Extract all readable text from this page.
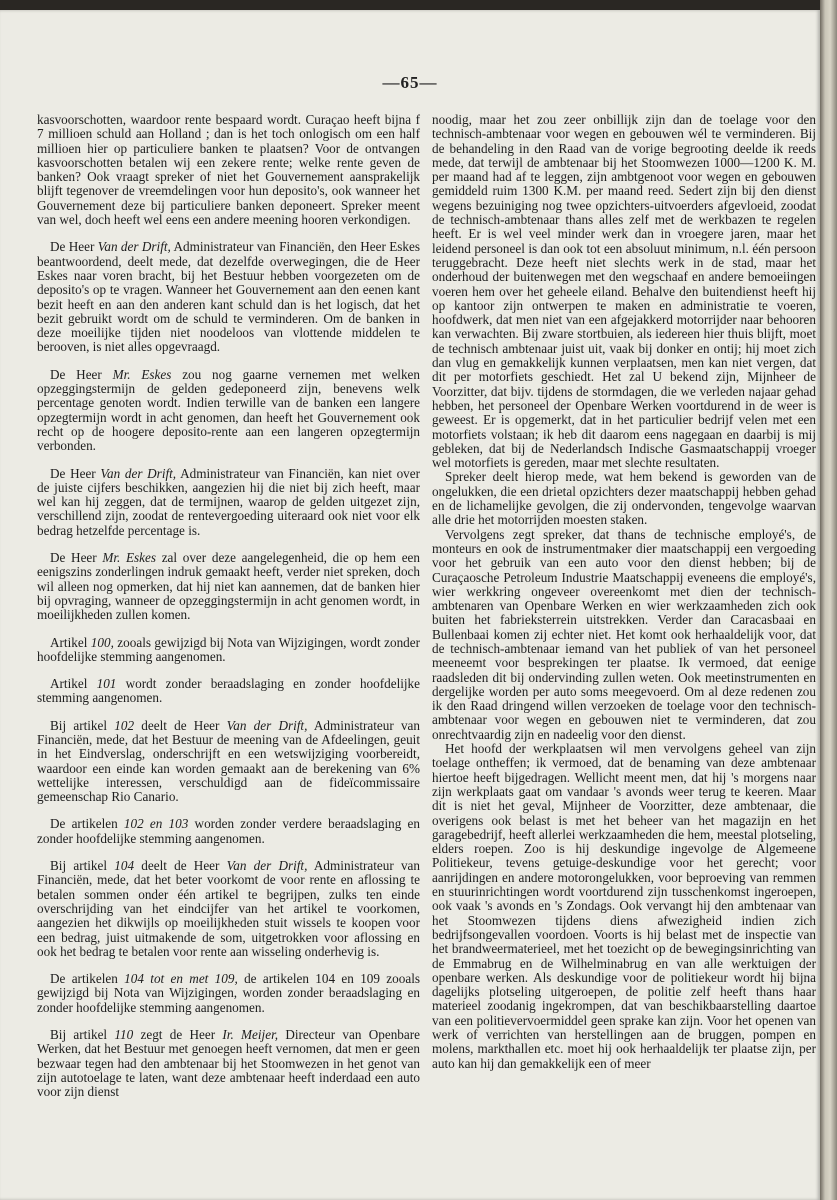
—65—

kasvoorschotten, waardoor rente bespaard wordt. Curaçao heeft bijna f 7 millioen schuld aan Holland ; dan is het toch onlogisch om een half millioen hier op particuliere banken te plaatsen? Voor de ontvangen kasvoorschotten betalen wij een zekere rente; welke rente geven de banken? Ook vraagt spreker of niet het Gouvernement aansprakelijk blijft tegenover de vreemdelingen voor hun deposito's, ook wanneer het Gouvernement deze bij particuliere banken deponeert. Spreker meent van wel, doch heeft wel eens een andere meening hooren verkondigen.

De Heer Van der Drift, Administrateur van Financiën, den Heer Eskes beantwoordend, deelt mede, dat dezelfde overwegingen, die de Heer Eskes naar voren bracht, bij het Bestuur hebben voorgezeten om de deposito's op te vragen. Wanneer het Gouvernement aan den eenen kant bezit heeft en aan den anderen kant schuld dan is het logisch, dat het bezit gebruikt wordt om de schuld te verminderen. Om de banken in deze moeilijke tijden niet noodeloos van vlottende middelen te berooven, is niet alles opgevraagd.

De Heer Mr. Eskes zou nog gaarne vernemen met welken opzeggingstermijn de gelden gedeponeerd zijn, benevens welk percentage genoten wordt. Indien terwille van de banken een langere opzegtermijn wordt in acht genomen, dan heeft het Gouvernement ook recht op de hoogere deposito-rente aan een langeren opzegtermijn verbonden.

De Heer Van der Drift, Administrateur van Financiën, kan niet over de juiste cijfers beschikken, aangezien hij die niet bij zich heeft, maar wel kan hij zeggen, dat de termijnen, waarop de gelden uitgezet zijn, verschillend zijn, zoodat de rentevergoeding uiteraard ook niet voor elk bedrag hetzelfde percentage is.

De Heer Mr. Eskes zal over deze aangelegenheid, die op hem een eenigszins zonderlingen indruk gemaakt heeft, verder niet spreken, doch wil alleen nog opmerken, dat hij niet kan aannemen, dat de banken hier bij opvraging, wanneer de opzeggingstermijn in acht genomen wordt, in moeilijkheden zullen komen.

Artikel 100, zooals gewijzigd bij Nota van Wijzigingen, wordt zonder hoofdelijke stemming aangenomen.

Artikel 101 wordt zonder beraadslaging en zonder hoofdelijke stemming aangenomen.

Bij artikel 102 deelt de Heer Van der Drift, Administrateur van Financiën, mede, dat het Bestuur de meening van de Afdeelingen, geuit in het Eindverslag, onderschrijft en een wetswijziging voorbereidt, waardoor een einde kan worden gemaakt aan de berekening van 6% wettelijke interessen, verschuldigd aan de fideïcommissaire gemeenschap Rio Canario.

De artikelen 102 en 103 worden zonder verdere beraadslaging en zonder hoofdelijke stemming aangenomen.

Bij artikel 104 deelt de Heer Van der Drift, Administrateur van Financiën, mede, dat het beter voorkomt de voor rente en aflossing te betalen sommen onder één artikel te begrijpen, zulks ten einde overschrijding van het eindcijfer van het artikel te voorkomen, aangezien het dikwijls op moeilijkheden stuit wissels te koopen voor een bedrag, juist uitmakende de som, uitgetrokken voor aflossing en ook het bedrag te betalen voor rente aan wisseling onderhevig is.

De artikelen 104 tot en met 109, de artikelen 104 en 109 zooals gewijzigd bij Nota van Wijzigingen, worden zonder beraadslaging en zonder hoofdelijke stemming aangenomen.

Bij artikel 110 zegt de Heer Ir. Meijer, Directeur van Openbare Werken, dat het Bestuur met genoegen heeft vernomen, dat men er geen bezwaar tegen had den ambtenaar bij het Stoomwezen in het genot van zijn autotoelage te laten, want deze ambtenaar heeft inderdaad een auto voor zijn dienst

noodig, maar het zou zeer onbillijk zijn dan de toelage voor den technisch-ambtenaar voor wegen en gebouwen wél te verminderen. Bij de behandeling in den Raad van de vorige begrooting deelde ik reeds mede, dat terwijl de ambtenaar bij het Stoomwezen 1000—1200 K. M. per maand had af te leggen, zijn ambtgenoot voor wegen en gebouwen gemiddeld ruim 1300 K.M. per maand reed. Sedert zijn bij den dienst wegens bezuiniging nog twee opzichters-uitvoerders afgevloeid, zoodat de technisch-ambtenaar thans alles zelf met de werkbazen te regelen heeft. Er is wel veel minder werk dan in vroegere jaren, maar het leidend personeel is dan ook tot een absoluut minimum, n.l. één persoon teruggebracht. Deze heeft niet slechts werk in de stad, maar het onderhoud der buitenwegen met den wegschaaf en andere bemoeiingen voeren hem over het geheele eiland. Behalve den buitendienst heeft hij op kantoor zijn ontwerpen te maken en administratie te voeren, hoofdwerk, dat men niet van een afgejakkerd motorrijder naar behooren kan verwachten. Bij zware stortbuien, als iedereen hier thuis blijft, moet de technisch ambtenaar juist uit, vaak bij donker en ontij; hij moet zich dan vlug en gemakkelijk kunnen verplaatsen, men kan niet vergen, dat dit per motorfiets geschiedt. Het zal U bekend zijn, Mijnheer de Voorzitter, dat bijv. tijdens de stormdagen, die we verleden najaar gehad hebben, het personeel der Openbare Werken voortdurend in de weer is geweest. Er is opgemerkt, dat in het particulier bedrijf velen met een motorfiets volstaan; ik heb dit daarom eens nagegaan en daarbij is mij gebleken, dat bij de Nederlandsch Indische Gasmaatschappij vroeger wel motorfiets is gereden, maar met slechte resultaten.

Spreker deelt hierop mede, wat hem bekend is geworden van de ongelukken, die een drietal opzichters dezer maatschappij hebben gehad en de lichamelijke gevolgen, die zij ondervonden, tengevolge waarvan alle drie het motorrijden moesten staken.

Vervolgens zegt spreker, dat thans de technische employé's, de monteurs en ook de instrumentmaker dier maatschappij een vergoeding voor het gebruik van een auto voor den dienst hebben; bij de Curaçaosche Petroleum Industrie Maatschappij eveneens die employé's, wier werkkring ongeveer overeenkomt met dien der technisch-ambtenaren van Openbare Werken en wier werkzaamheden zich ook buiten het fabrieksterrein uitstrekken. Verder dan Caracasbaai en Bullenbaai komen zij echter niet. Het komt ook herhaaldelijk voor, dat de technisch-ambtenaar iemand van het publiek of van het personeel meeneemt voor besprekingen ter plaatse. Ik vermoed, dat eenige raadsleden dit bij ondervinding zullen weten. Ook meetinstrumenten en dergelijke worden per auto soms meegevoerd. Om al deze redenen zou ik den Raad dringend willen verzoeken de toelage voor den technisch-ambtenaar voor wegen en gebouwen niet te verminderen, dat zou onrechtvaardig zijn en nadeelig voor den dienst.

Het hoofd der werkplaatsen wil men vervolgens geheel van zijn toelage ontheffen; ik vermoed, dat de benaming van deze ambtenaar hiertoe heeft bijgedragen. Wellicht meent men, dat hij 's morgens naar zijn werkplaats gaat om vandaar 's avonds weer terug te keeren. Maar dit is niet het geval, Mijnheer de Voorzitter, deze ambtenaar, die overigens ook belast is met het beheer van het magazijn en het garagebedrijf, heeft allerlei werkzaamheden die hem, meestal plotseling, elders roepen. Zoo is hij deskundige ingevolge de Algemeene Politiekeur, tevens getuige-deskundige voor het gerecht; voor aanrijdingen en andere motorongelukken, voor beproeving van remmen en stuurinrichtingen wordt voortdurend zijn tusschenkomst ingeroepen, ook vaak 's avonds en 's Zondags. Ook vervangt hij den ambtenaar van het Stoomwezen tijdens diens afwezigheid indien zich bedrijfsongevallen voordoen. Voorts is hij belast met de inspectie van het brandweermaterieel, met het toezicht op de bewegingsinrichting van de Emmabrug en de Wilhelminabrug en van alle werktuigen der openbare werken. Als deskundige voor de politiekeur wordt hij bijna dagelijks plotseling uitgeroepen, de politie zelf heeft thans haar materieel zoodanig ingekrompen, dat van beschikbaarstelling daartoe van een politievervoermiddel geen sprake kan zijn. Voor het openen van werk of verrichten van herstellingen aan de bruggen, pompen en molens, markthallen etc. moet hij ook herhaaldelijk ter plaatse zijn, per auto kan hij dan gemakkelijk een of meer
